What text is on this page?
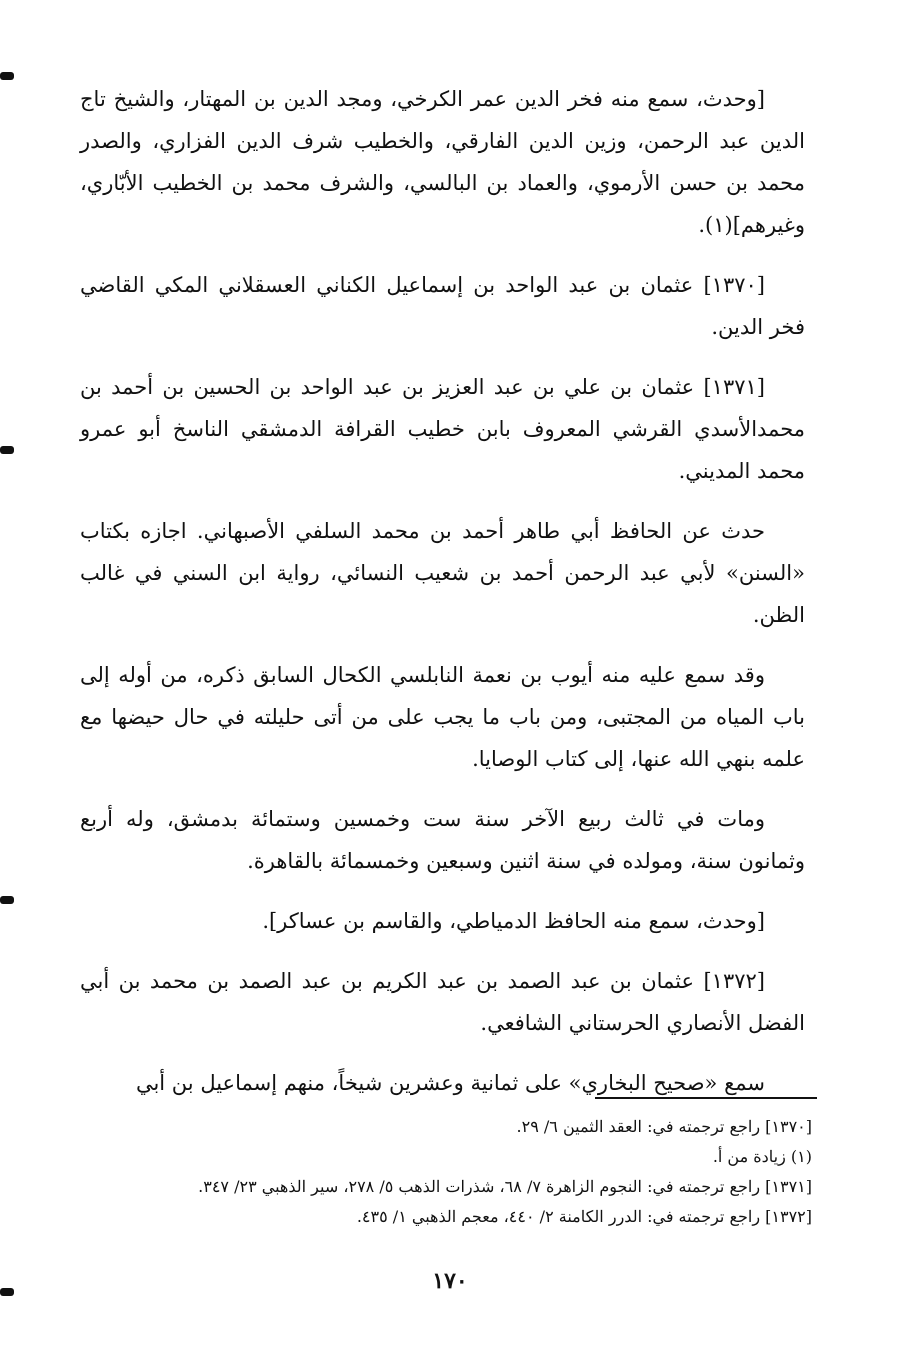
[وحدث، سمع منه فخر الدين عمر الكرخي، ومجد الدين بن المهتار، والشيخ تاج الدين عبد الرحمن، وزين الدين الفارقي، والخطيب شرف الدين الفزاري، والصدر محمد بن حسن الأرموي، والعماد بن البالسي، والشرف محمد بن الخطيب الأبّاري، وغيرهم](١).

[١٣٧٠] عثمان بن عبد الواحد بن إسماعيل الكناني العسقلاني المكي القاضي فخر الدين.

[١٣٧١] عثمان بن علي بن عبد العزيز بن عبد الواحد بن الحسين بن أحمد بن محمدالأسدي القرشي المعروف بابن خطيب القرافة الدمشقي الناسخ أبو عمرو محمد المديني.

حدث عن الحافظ أبي طاهر أحمد بن محمد السلفي الأصبهاني. اجازه بكتاب «السنن» لأبي عبد الرحمن أحمد بن شعيب النسائي، رواية ابن السني في غالب الظن.

وقد سمع عليه منه أيوب بن نعمة النابلسي الكحال السابق ذكره، من أوله إلى باب المياه من المجتبى، ومن باب ما يجب على من أتى حليلته في حال حيضها مع علمه بنهي الله عنها، إلى كتاب الوصايا.

ومات في ثالث ربيع الآخر سنة ست وخمسين وستمائة بدمشق، وله أربع وثمانون سنة، ومولده في سنة اثنين وسبعين وخمسمائة بالقاهرة.

[وحدث، سمع منه الحافظ الدمياطي، والقاسم بن عساكر].

[١٣٧٢] عثمان بن عبد الصمد بن عبد الكريم بن عبد الصمد بن محمد بن أبي الفضل الأنصاري الحرستاني الشافعي.

سمع «صحيح البخاري» على ثمانية وعشرين شيخاً، منهم إسماعيل بن أبي

[١٣٧٠] راجع ترجمته في: العقد الثمين ٦/ ٢٩.
(١) زيادة من أ.
[١٣٧١] راجع ترجمته في: النجوم الزاهرة ٧/ ٦٨، شذرات الذهب ٥/ ٢٧٨، سير الذهبي ٢٣/ ٣٤٧.
[١٣٧٢] راجع ترجمته في: الدرر الكامنة ٢/ ٤٤٠، معجم الذهبي ١/ ٤٣٥.
١٧٠
